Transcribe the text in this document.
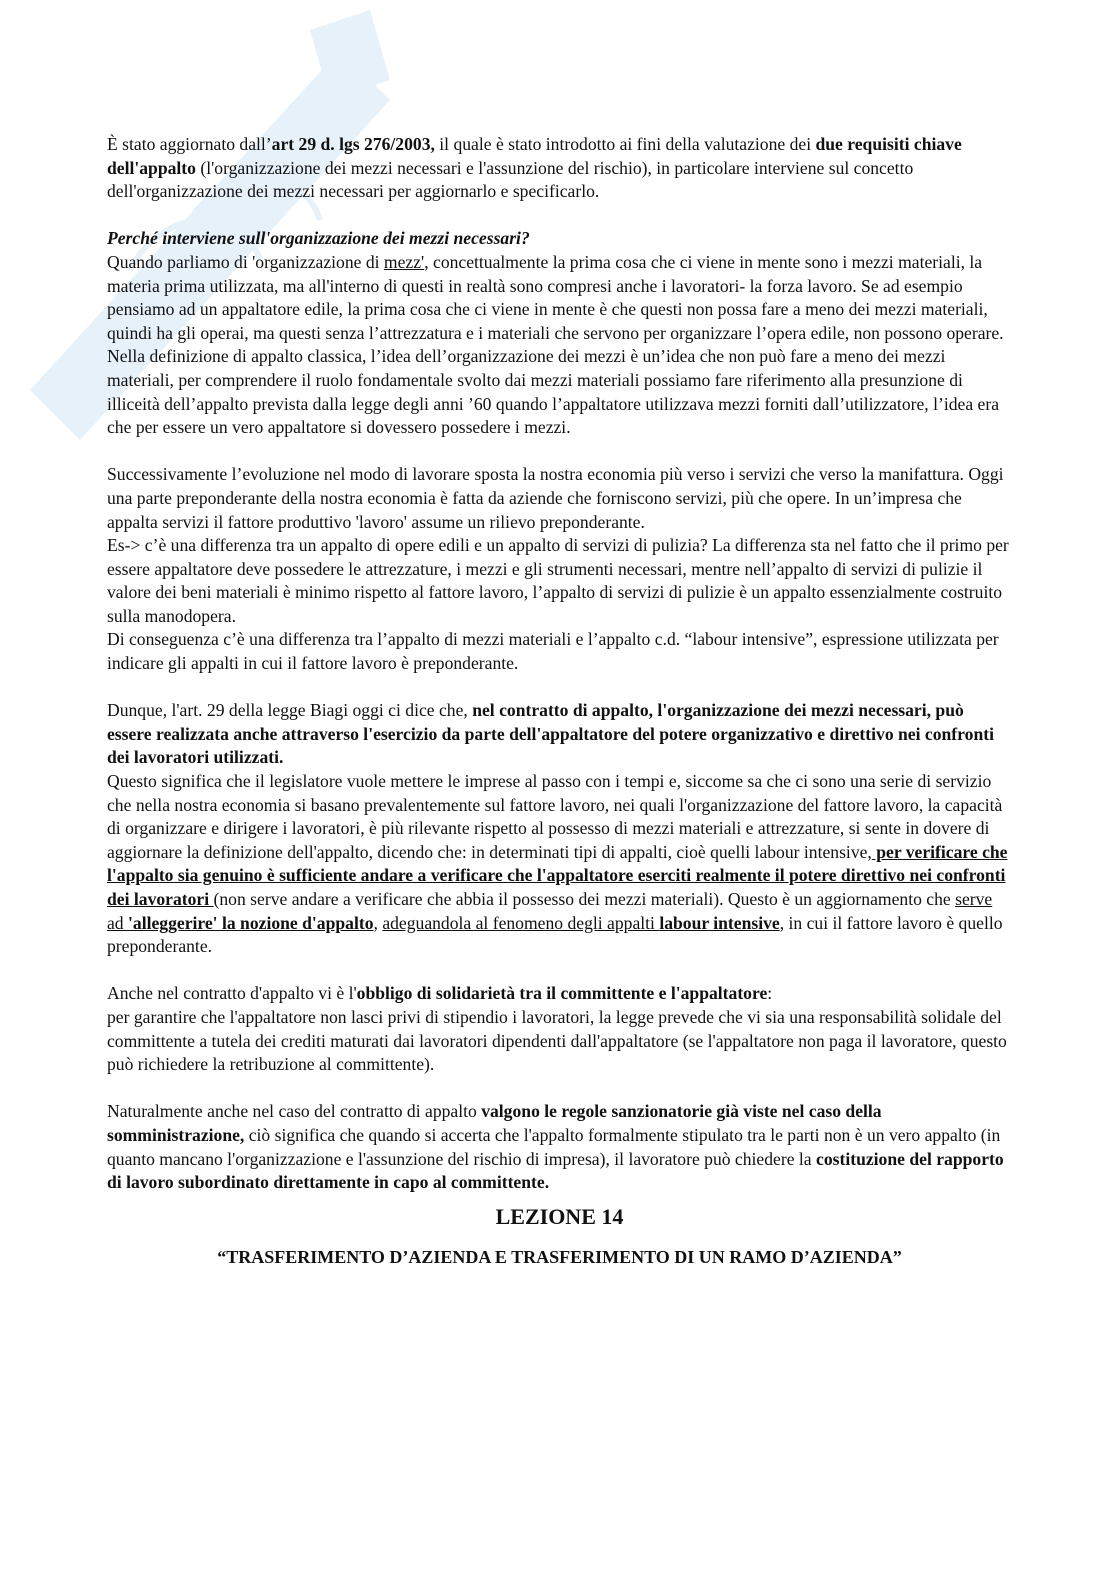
È stato aggiornato dall’art 29 d. lgs 276/2003, il quale è stato introdotto ai fini della valutazione dei due requisiti chiave dell'appalto (l'organizzazione dei mezzi necessari e l'assunzione del rischio), in particolare interviene sul concetto dell'organizzazione dei mezzi necessari per aggiornarlo e specificarlo.

Perché interviene sull'organizzazione dei mezzi necessari?

Quando parliamo di 'organizzazione di mezz', concettualmente la prima cosa che ci viene in mente sono i mezzi materiali, la materia prima utilizzata, ma all'interno di questi in realtà sono compresi anche i lavoratori- la forza lavoro. Se ad esempio pensiamo ad un appaltatore edile, la prima cosa che ci viene in mente è che questi non possa fare a meno dei mezzi materiali, quindi ha gli operai, ma questi senza l’attrezzatura e i materiali che servono per organizzare l’opera edile, non possono operare.

Nella definizione di appalto classica, l’idea dell’organizzazione dei mezzi è un’idea che non può fare a meno dei mezzi materiali, per comprendere il ruolo fondamentale svolto dai mezzi materiali possiamo fare riferimento alla presunzione di illiceità dell’appalto prevista dalla legge degli anni ’60 quando l’appaltatore utilizzava mezzi forniti dall’utilizzatore, l’idea era che per essere un vero appaltatore si dovessero possedere i mezzi.

Successivamente l’evoluzione nel modo di lavorare sposta la nostra economia più verso i servizi che verso la manifattura. Oggi una parte preponderante della nostra economia è fatta da aziende che forniscono servizi, più che opere. In un’impresa che appalta servizi il fattore produttivo 'lavoro' assume un rilievo preponderante.

Es-> c’è una differenza tra un appalto di opere edili e un appalto di servizi di pulizia? La differenza sta nel fatto che il primo per essere appaltatore deve possedere le attrezzature, i mezzi e gli strumenti necessari, mentre nell’appalto di servizi di pulizie il valore dei beni materiali è minimo rispetto al fattore lavoro, l’appalto di servizi di pulizie è un appalto essenzialmente costruito sulla manodopera.

Di conseguenza c’è una differenza tra l’appalto di mezzi materiali e l’appalto c.d. “labour intensive”, espressione utilizzata per indicare gli appalti in cui il fattore lavoro è preponderante.

Dunque, l'art. 29 della legge Biagi oggi ci dice che, nel contratto di appalto, l'organizzazione dei mezzi necessari, può essere realizzata anche attraverso l'esercizio da parte dell'appaltatore del potere organizzativo e direttivo nei confronti dei lavoratori utilizzati.

Questo significa che il legislatore vuole mettere le imprese al passo con i tempi e, siccome sa che ci sono una serie di servizio che nella nostra economia si basano prevalentemente sul fattore lavoro, nei quali l'organizzazione del fattore lavoro, la capacità di organizzare e dirigere i lavoratori, è più rilevante rispetto al possesso di mezzi materiali e attrezzature, si sente in dovere di aggiornare la definizione dell'appalto, dicendo che: in determinati tipi di appalti, cioè quelli labour intensive, per verificare che l'appalto sia genuino è sufficiente andare a verificare che l'appaltatore eserciti realmente il potere direttivo nei confronti dei lavoratori (non serve andare a verificare che abbia il possesso dei mezzi materiali). Questo è un aggiornamento che serve ad 'alleggerire' la nozione d'appalto, adeguandola al fenomeno degli appalti labour intensive, in cui il fattore lavoro è quello preponderante.

Anche nel contratto d'appalto vi è l'obbligo di solidarietà tra il committente e l'appaltatore:

per garantire che l'appaltatore non lasci privi di stipendio i lavoratori, la legge prevede che vi sia una responsabilità solidale del committente a tutela dei crediti maturati dai lavoratori dipendenti dall'appaltatore (se l'appaltatore non paga il lavoratore, questo può richiedere la retribuzione al committente).

Naturalmente anche nel caso del contratto di appalto valgono le regole sanzionatorie già viste nel caso della somministrazione, ciò significa che quando si accerta che l'appalto formalmente stipulato tra le parti non è un vero appalto (in quanto mancano l'organizzazione e l'assunzione del rischio di impresa), il lavoratore può chiedere la costituzione del rapporto di lavoro subordinato direttamente in capo al committente.

LEZIONE 14

“TRASFERIMENTO D’AZIENDA E TRASFERIMENTO DI UN RAMO D’AZIENDA”
